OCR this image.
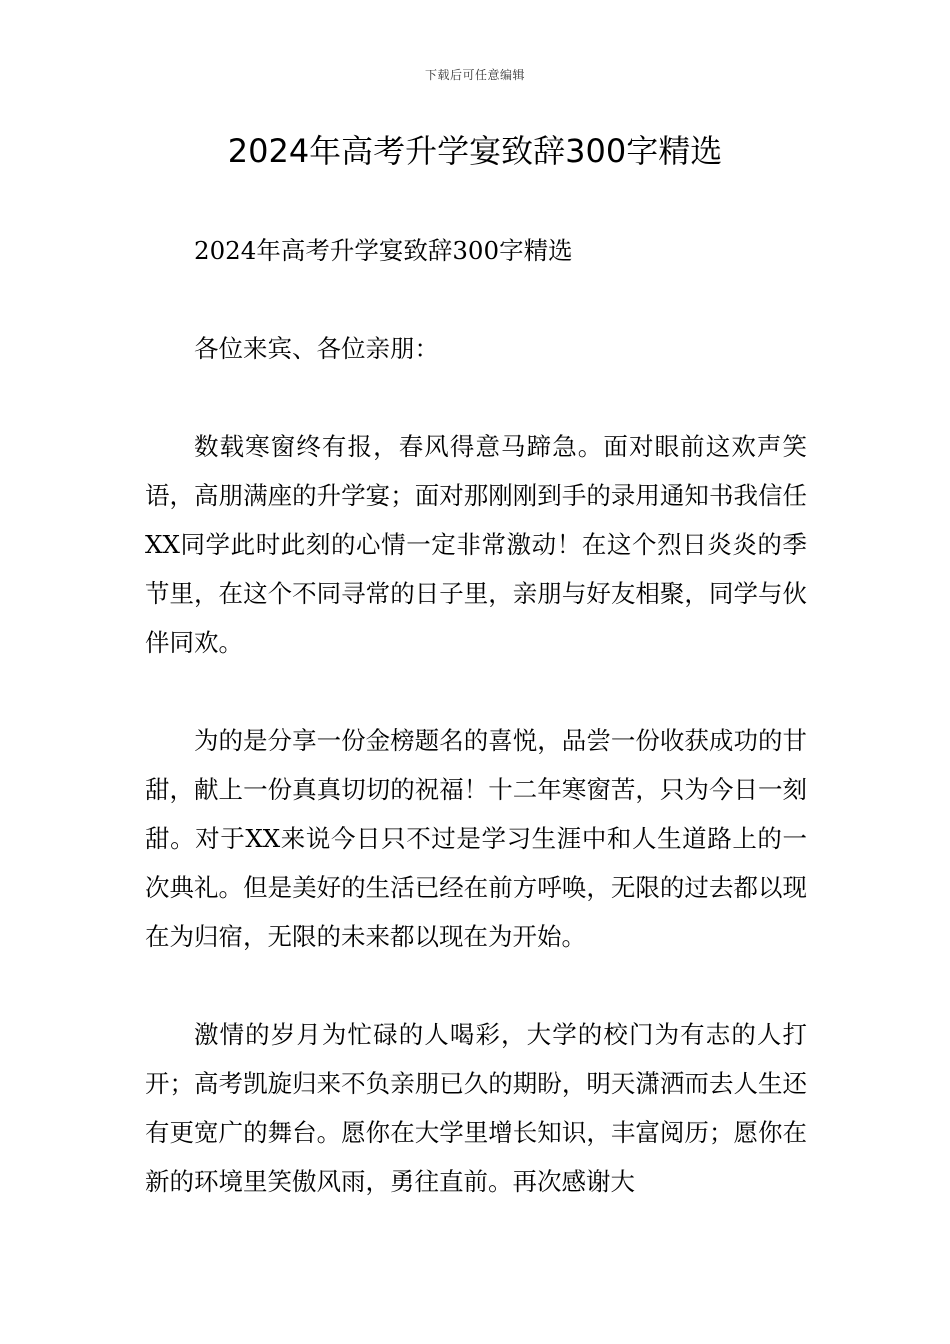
下载后可任意编辑
2024年高考升学宴致辞300字精选

2024年高考升学宴致辞300字精选

各位来宾、各位亲朋：

数载寒窗终有报，春风得意马蹄急。面对眼前这欢声笑语，高朋满座的升学宴；面对那刚刚到手的录用通知书我信任XX同学此时此刻的心情一定非常激动！在这个烈日炎炎的季节里，在这个不同寻常的日子里，亲朋与好友相聚，同学与伙伴同欢。

为的是分享一份金榜题名的喜悦，品尝一份收获成功的甘甜，献上一份真真切切的祝福！十二年寒窗苦，只为今日一刻甜。对于XX来说今日只不过是学习生涯中和人生道路上的一次典礼。但是美好的生活已经在前方呼唤，无限的过去都以现在为归宿，无限的未来都以现在为开始。

激情的岁月为忙碌的人喝彩，大学的校门为有志的人打开；高考凯旋归来不负亲朋已久的期盼，明天潇洒而去人生还有更宽广的舞台。愿你在大学里增长知识，丰富阅历；愿你在新的环境里笑傲风雨，勇往直前。再次感谢大
